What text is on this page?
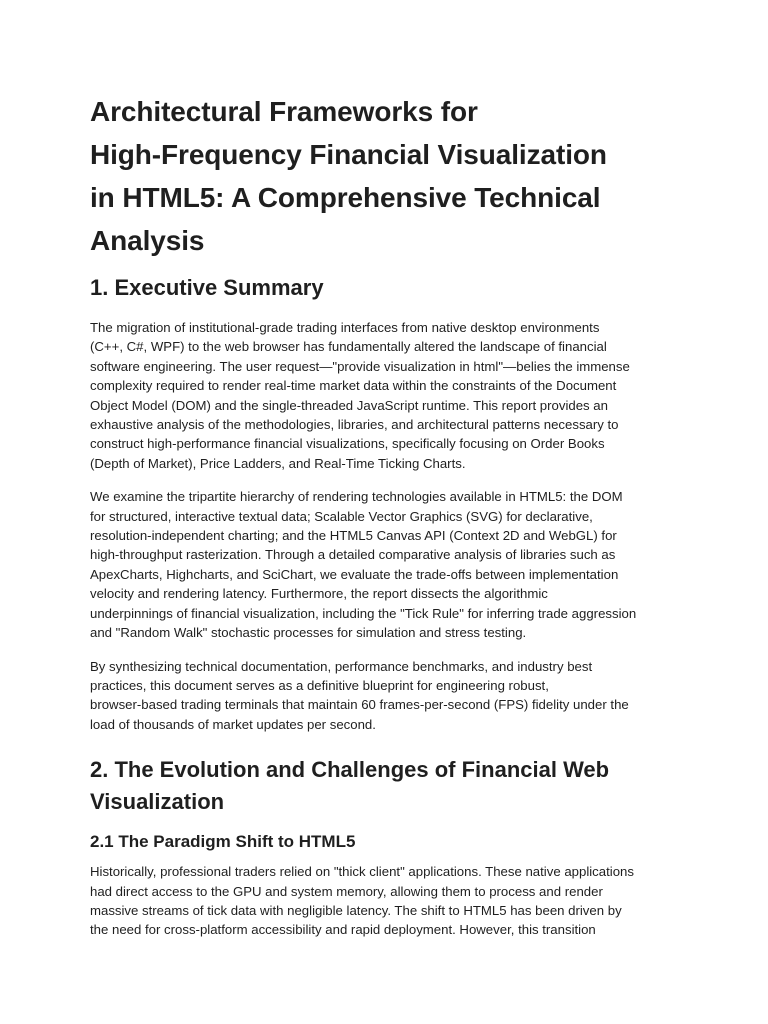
Architectural Frameworks for
High-Frequency Financial Visualization
in HTML5: A Comprehensive Technical
Analysis
1. Executive Summary
The migration of institutional-grade trading interfaces from native desktop environments
(C++, C#, WPF) to the web browser has fundamentally altered the landscape of financial
software engineering. The user request—"provide visualization in html"—belies the immense
complexity required to render real-time market data within the constraints of the Document
Object Model (DOM) and the single-threaded JavaScript runtime. This report provides an
exhaustive analysis of the methodologies, libraries, and architectural patterns necessary to
construct high-performance financial visualizations, specifically focusing on Order Books
(Depth of Market), Price Ladders, and Real-Time Ticking Charts.
We examine the tripartite hierarchy of rendering technologies available in HTML5: the DOM
for structured, interactive textual data; Scalable Vector Graphics (SVG) for declarative,
resolution-independent charting; and the HTML5 Canvas API (Context 2D and WebGL) for
high-throughput rasterization. Through a detailed comparative analysis of libraries such as
ApexCharts, Highcharts, and SciChart, we evaluate the trade-offs between implementation
velocity and rendering latency. Furthermore, the report dissects the algorithmic
underpinnings of financial visualization, including the "Tick Rule" for inferring trade aggression
and "Random Walk" stochastic processes for simulation and stress testing.
By synthesizing technical documentation, performance benchmarks, and industry best
practices, this document serves as a definitive blueprint for engineering robust,
browser-based trading terminals that maintain 60 frames-per-second (FPS) fidelity under the
load of thousands of market updates per second.
2. The Evolution and Challenges of Financial Web
Visualization
2.1 The Paradigm Shift to HTML5
Historically, professional traders relied on "thick client" applications. These native applications
had direct access to the GPU and system memory, allowing them to process and render
massive streams of tick data with negligible latency. The shift to HTML5 has been driven by
the need for cross-platform accessibility and rapid deployment. However, this transition
